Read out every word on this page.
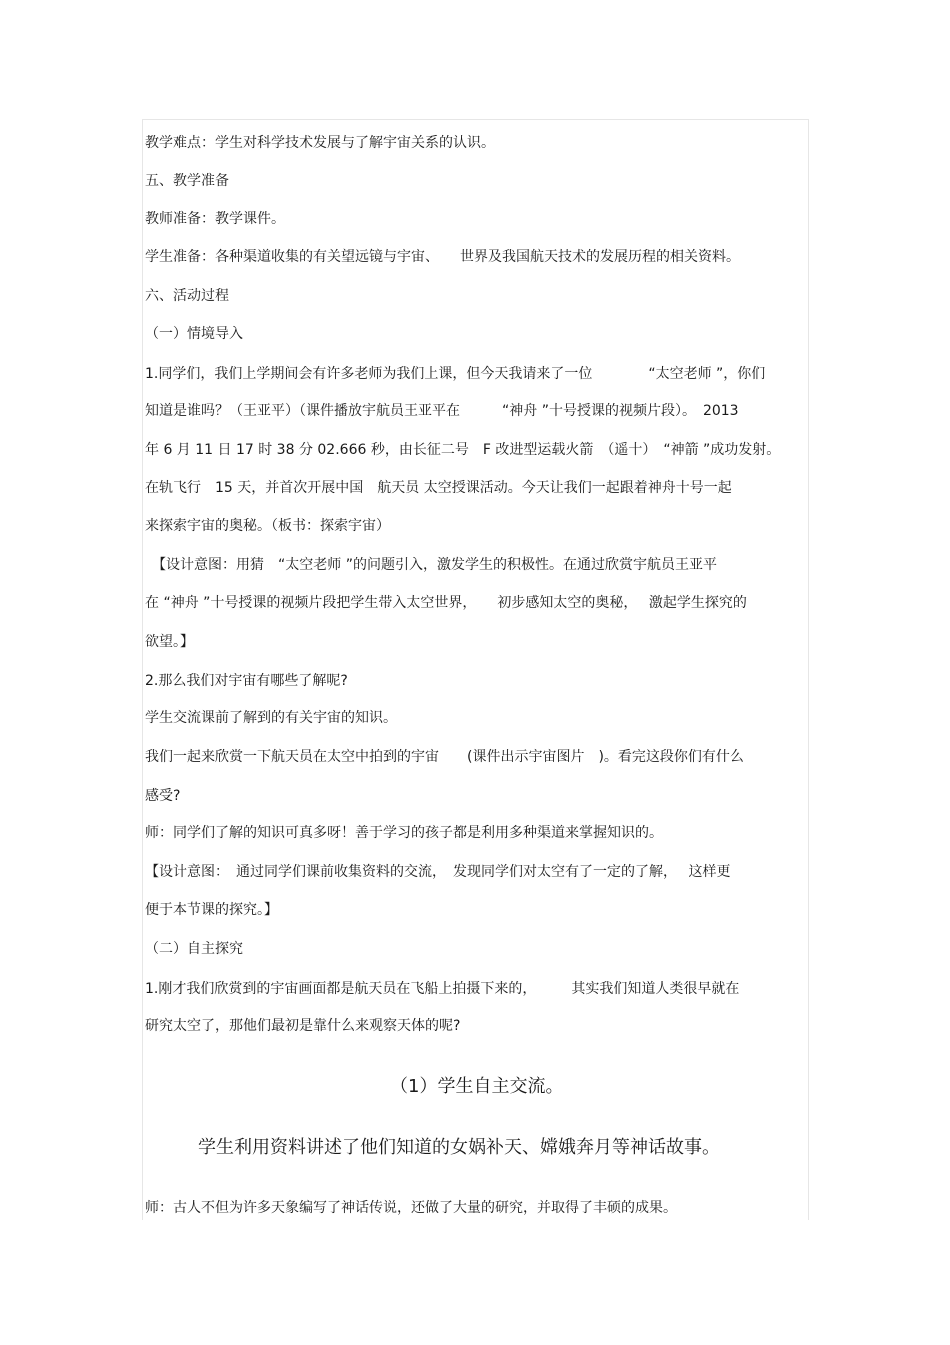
教学难点：学生对科学技术发展与了解宇宙关系的认识。
五、教学准备
教师准备：教学课件。
学生准备：各种渠道收集的有关望远镜与宇宙、　　世界及我国航天技术的发展历程的相关资料。
六、活动过程
（一）情境导入
1.同学们，我们上学期间会有许多老师为我们上课，但今天我请来了一位　　　　“太空老师 ”，你们
知道是谁吗？（王亚平）（课件播放宇航员王亚平在　　　“神舟 ”十号授课的视频片段）。　2013
年 6 月 11 日 17 时 38 分 02.666 秒，由长征二号　F 改进型运载火箭　（遥十）　“神箭 ”成功发射。
在轨飞行　15 天，并首次开展中国　航天员 太空授课活动。今天让我们一起跟着神舟十号一起
来探索宇宙的奥秘。（板书：探索宇宙）
　【设计意图：用猜　“太空老师 ”的问题引入，激发学生的积极性。在通过欣赏宇航员王亚平
在 “神舟 ”十号授课的视频片段把学生带入太空世界，　　初步感知太空的奥秘，　 激起学生探究的
欲望。】
2.那么我们对宇宙有哪些了解呢?
学生交流课前了解到的有关宇宙的知识。
我们一起来欣赏一下航天员在太空中拍到的宇宙　　(课件出示宇宙图片　)。看完这段你们有什么
感受?
师：同学们了解的知识可真多呀！善于学习的孩子都是利用多种渠道来掌握知识的。
【设计意图：　通过同学们课前收集资料的交流，　发现同学们对太空有了一定的了解，　 这样更
便于本节课的探究。】
（二）自主探究
1.刚才我们欣赏到的宇宙画面都是航天员在飞船上拍摄下来的，　　　其实我们知道人类很早就在
研究太空了，那他们最初是靠什么来观察天体的呢?
（1）学生自主交流。
学生利用资料讲述了他们知道的女娲补天、嫦娥奔月等神话故事。
师：古人不但为许多天象编写了神话传说，还做了大量的研究，并取得了丰硕的成果。
